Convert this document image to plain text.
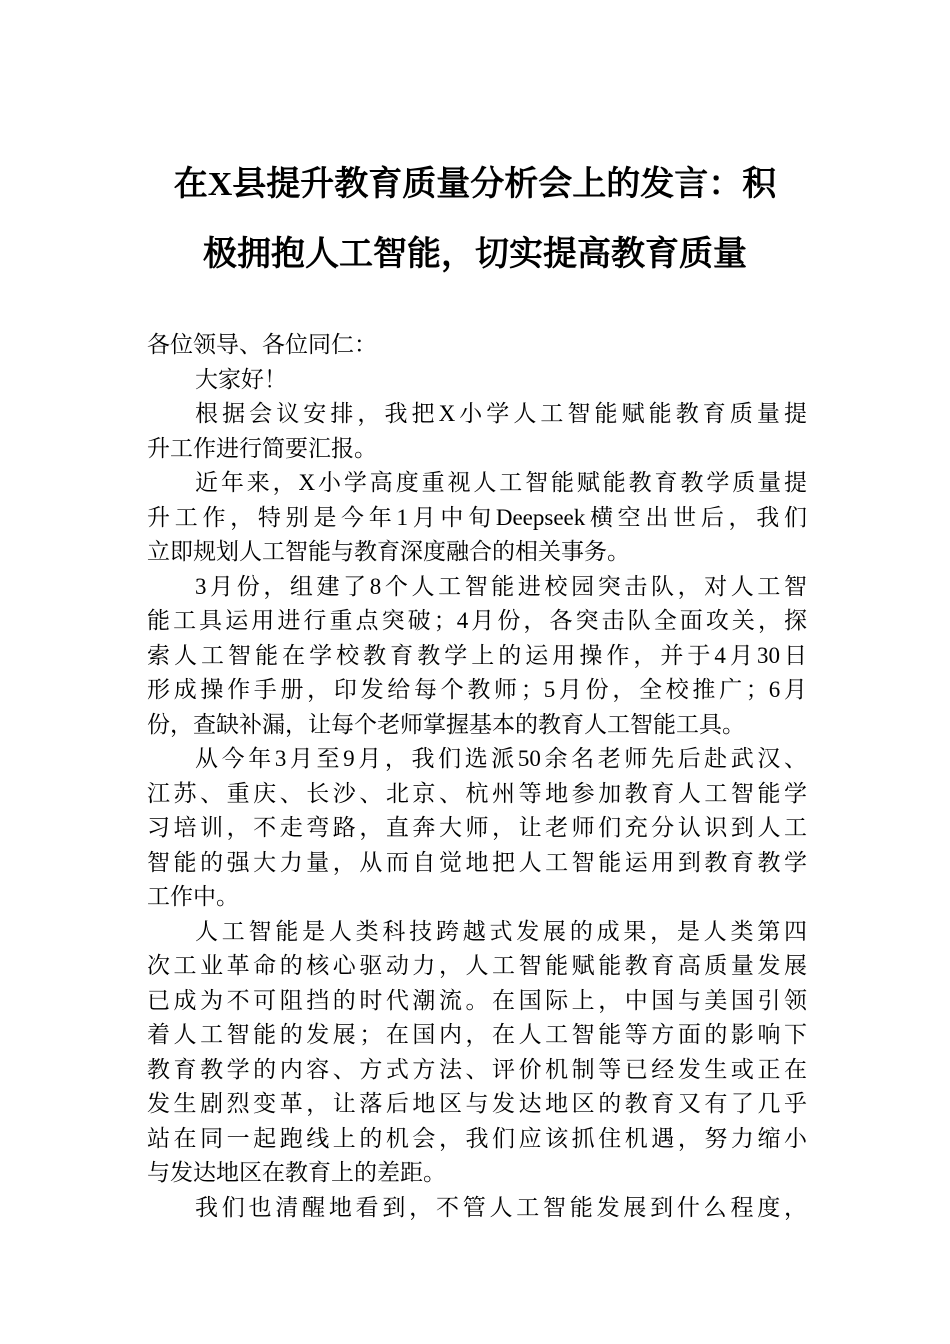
在X县提升教育质量分析会上的发言：积
极拥抱人工智能，切实提高教育质量
各位领导、各位同仁：
大家好！
根据会议安排，我把X小学人工智能赋能教育质量提
升工作进行简要汇报。
近年来，X小学高度重视人工智能赋能教育教学质量提
升工作，特别是今年1月中旬Deepseek横空出世后，我们
立即规划人工智能与教育深度融合的相关事务。
3月份，组建了8个人工智能进校园突击队，对人工智
能工具运用进行重点突破；4月份，各突击队全面攻关，探
索人工智能在学校教育教学上的运用操作，并于4月30日
形成操作手册，印发给每个教师；5月份，全校推广；6月
份，查缺补漏，让每个老师掌握基本的教育人工智能工具。
从今年3月至9月，我们选派50余名老师先后赴武汉、
江苏、重庆、长沙、北京、杭州等地参加教育人工智能学
习培训，不走弯路，直奔大师，让老师们充分认识到人工
智能的强大力量，从而自觉地把人工智能运用到教育教学
工作中。
人工智能是人类科技跨越式发展的成果，是人类第四
次工业革命的核心驱动力，人工智能赋能教育高质量发展
已成为不可阻挡的时代潮流。在国际上，中国与美国引领
着人工智能的发展；在国内，在人工智能等方面的影响下
教育教学的内容、方式方法、评价机制等已经发生或正在
发生剧烈变革，让落后地区与发达地区的教育又有了几乎
站在同一起跑线上的机会，我们应该抓住机遇，努力缩小
与发达地区在教育上的差距。
我们也清醒地看到，不管人工智能发展到什么程度，
